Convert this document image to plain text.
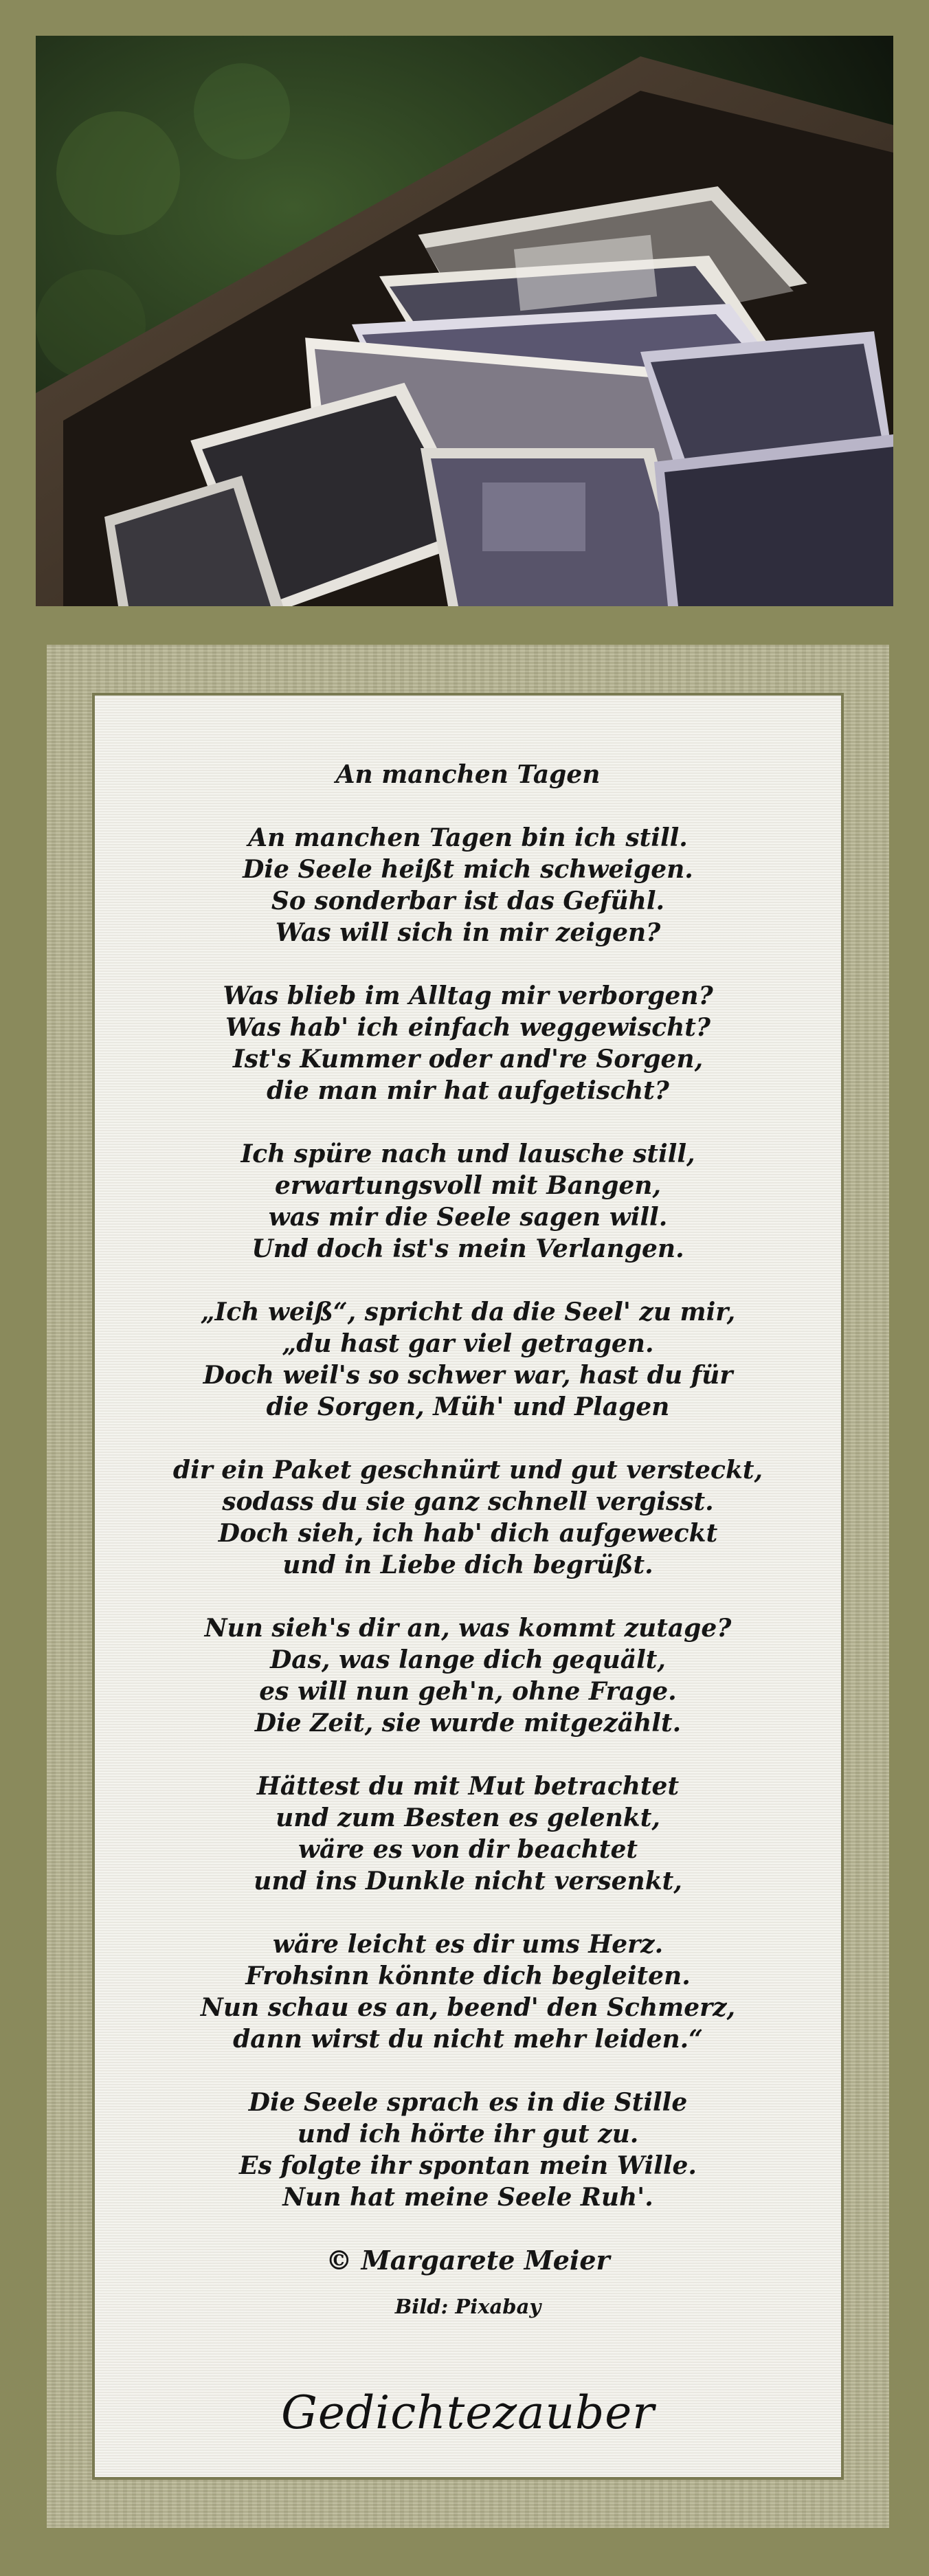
An manchen Tagen
An manchen Tagen bin ich still.
Die Seele heißt mich schweigen.
So sonderbar ist das Gefühl.
Was will sich in mir zeigen?
Was blieb im Alltag mir verborgen?
Was hab' ich einfach weggewischt?
Ist's Kummer oder and're Sorgen,
die man mir hat aufgetischt?
Ich spüre nach und lausche still,
erwartungsvoll mit Bangen,
was mir die Seele sagen will.
Und doch ist's mein Verlangen.
„Ich weiß“, spricht da die Seel' zu mir,
„du hast gar viel getragen.
Doch weil's so schwer war, hast du für
die Sorgen, Müh' und Plagen
dir ein Paket geschnürt und gut versteckt,
sodass du sie ganz schnell vergisst.
Doch sieh, ich hab' dich aufgeweckt
und in Liebe dich begrüßt.
Nun sieh's dir an, was kommt zutage?
Das, was lange dich gequält,
es will nun geh'n, ohne Frage.
Die Zeit, sie wurde mitgezählt.
Hättest du mit Mut betrachtet
und zum Besten es gelenkt,
wäre es von dir beachtet
und ins Dunkle nicht versenkt,
wäre leicht es dir ums Herz.
Frohsinn könnte dich begleiten.
Nun schau es an, beend' den Schmerz,
dann wirst du nicht mehr leiden.“
Die Seele sprach es in die Stille
und ich hörte ihr gut zu.
Es folgte ihr spontan mein Wille.
Nun hat meine Seele Ruh'.
© Margarete Meier
Bild: Pixabay
Gedichtezauber
